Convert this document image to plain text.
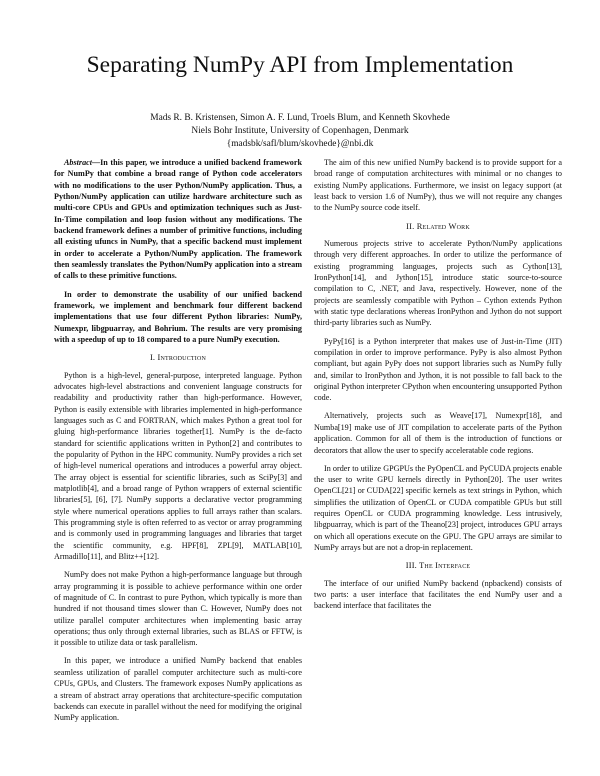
Separating NumPy API from Implementation
Mads R. B. Kristensen, Simon A. F. Lund, Troels Blum, and Kenneth Skovhede
Niels Bohr Institute, University of Copenhagen, Denmark
{madsbk/safl/blum/skovhede}@nbi.dk

Abstract—In this paper, we introduce a unified backend framework for NumPy that combine a broad range of Python code accelerators with no modifications to the user Python/NumPy application. Thus, a Python/NumPy application can utilize hardware architecture such as multi-core CPUs and GPUs and optimization techniques such as Just-In-Time compilation and loop fusion without any modifications. The backend framework defines a number of primitive functions, including all existing ufuncs in NumPy, that a specific backend must implement in order to accelerate a Python/NumPy application. The framework then seamlessly translates the Python/NumPy application into a stream of calls to these primitive functions.

In order to demonstrate the usability of our unified backend framework, we implement and benchmark four different backend implementations that use four different Python libraries: NumPy, Numexpr, libgpuarray, and Bohrium. The results are very promising with a speedup of up to 18 compared to a pure NumPy execution.

I. Introduction

Python is a high-level, general-purpose, interpreted language. Python advocates high-level abstractions and convenient language constructs for readability and productivity rather than high-performance. However, Python is easily extensible with libraries implemented in high-performance languages such as C and FORTRAN, which makes Python a great tool for gluing high-performance libraries together[1]. NumPy is the de-facto standard for scientific applications written in Python[2] and contributes to the popularity of Python in the HPC community. NumPy provides a rich set of high-level numerical operations and introduces a powerful array object. The array object is essential for scientific libraries, such as SciPy[3] and matplotlib[4], and a broad range of Python wrappers of external scientific libraries[5], [6], [7]. NumPy supports a declarative vector programming style where numerical operations applies to full arrays rather than scalars. This programming style is often referred to as vector or array programming and is commonly used in programming languages and libraries that target the scientific community, e.g. HPF[8], ZPL[9], MATLAB[10], Armadillo[11], and Blitz++[12].

NumPy does not make Python a high-performance language but through array programming it is possible to achieve performance within one order of magnitude of C. In contrast to pure Python, which typically is more than hundred if not thousand times slower than C. However, NumPy does not utilize parallel computer architectures when implementing basic array operations; thus only through external libraries, such as BLAS or FFTW, is it possible to utilize data or task parallelism.

In this paper, we introduce a unified NumPy backend that enables seamless utilization of parallel computer architecture such as multi-core CPUs, GPUs, and Clusters. The framework exposes NumPy applications as a stream of abstract array operations that architecture-specific computation backends can execute in parallel without the need for modifying the original NumPy application.

The aim of this new unified NumPy backend is to provide support for a broad range of computation architectures with minimal or no changes to existing NumPy applications. Furthermore, we insist on legacy support (at least back to version 1.6 of NumPy), thus we will not require any changes to the NumPy source code itself.

II. Related Work

Numerous projects strive to accelerate Python/NumPy applications through very different approaches. In order to utilize the performance of existing programming languages, projects such as Cython[13], IronPython[14], and Jython[15], introduce static source-to-source compilation to C, .NET, and Java, respectively. However, none of the projects are seamlessly compatible with Python – Cython extends Python with static type declarations whereas IronPython and Jython do not support third-party libraries such as NumPy.

PyPy[16] is a Python interpreter that makes use of Just-in-Time (JIT) compilation in order to improve performance. PyPy is also almost Python compliant, but again PyPy does not support libraries such as NumPy fully and, similar to IronPython and Jython, it is not possible to fall back to the original Python interpreter CPython when encountering unsupported Python code.

Alternatively, projects such as Weave[17], Numexpr[18], and Numba[19] make use of JIT compilation to accelerate parts of the Python application. Common for all of them is the introduction of functions or decorators that allow the user to specify acceleratable code regions.

In order to utilize GPGPUs the PyOpenCL and PyCUDA projects enable the user to write GPU kernels directly in Python[20]. The user writes OpenCL[21] or CUDA[22] specific kernels as text strings in Python, which simplifies the utilization of OpenCL or CUDA compatible GPUs but still requires OpenCL or CUDA programming knowledge. Less intrusively, libgpuarray, which is part of the Theano[23] project, introduces GPU arrays on which all operations execute on the GPU. The GPU arrays are similar to NumPy arrays but are not a drop-in replacement.

III. The Interface

The interface of our unified NumPy backend (npbackend) consists of two parts: a user interface that facilitates the end NumPy user and a backend interface that facilitates the
